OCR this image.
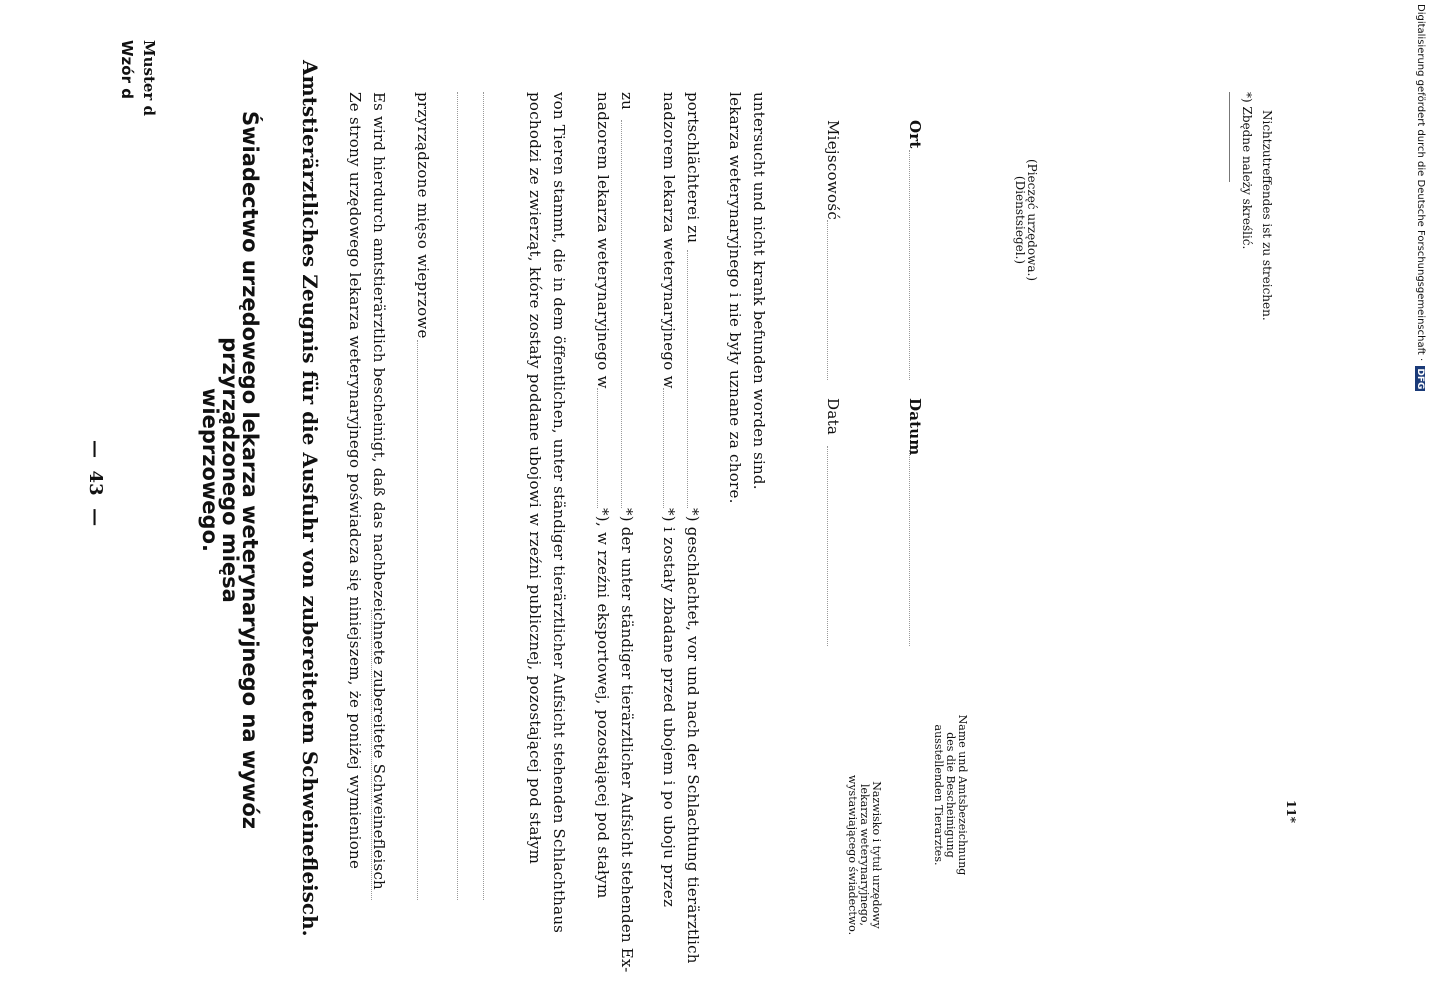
—  43  —
Wzór d Muster d
Świadectwo urzędowego lekarza weterynaryjnego na wywóz przyrządzonego mięsa
wieprzowego.	Amtstierärztliches Zeugnis für die Ausfuhr von zubereitetem Schweinefleisch. Ze strony urzędowego lekarza weterynaryjnego poświadcza się niniejszem, że poniżej wymienione Es wird hierdurch amtstierärztlich bescheinigt, daß das nachbezeichnete zubereitete Schweinefleisch przyrządzone mięso wieprzowe	pochodzi ze zwierząt, które zostały poddane ubojowi w rzeźni publicznej, pozostającej pod stałym von Tieren stammt, die in dem öffentlichen, unter ständiger tierärztlicher Aufsicht stehenden Schlachthaus nadzorem lekarza weterynaryjnego w
*), w rzeźni eksportowej, pozostającej pod stałym
zu
*) der unter ständiger tierärztlicher Aufsicht stehenden Ex-
nadzorem lekarza weterynaryjnego w
*) i zostały zbadane przed ubojem i po uboju przez
portschlächterei zu
*) geschlachtet, vor und nach der Schlachtung tierärztlich
lekarza weterynaryjnego i nie były uznane za chore. untersucht und nicht krank befunden worden sind.	Miejscowość
Data
Ort
Datum
Nazwisko i tytuł urzędowy
lekarza weterynaryjnego,
wystawiającego świadectwo.	Name und Amtsbezeichnung
des die Bescheinigung
ausstellenden Tierarztes.
(Pieczęć urzędowa.)
(Dienstsiegel.)	*) Zbędne należy skreślić. Nichtzutreffendes ist zu streichen.
11*
Digitalisierung gefördert durch die Deutsche Forschungsgemeinschaft · DFG
